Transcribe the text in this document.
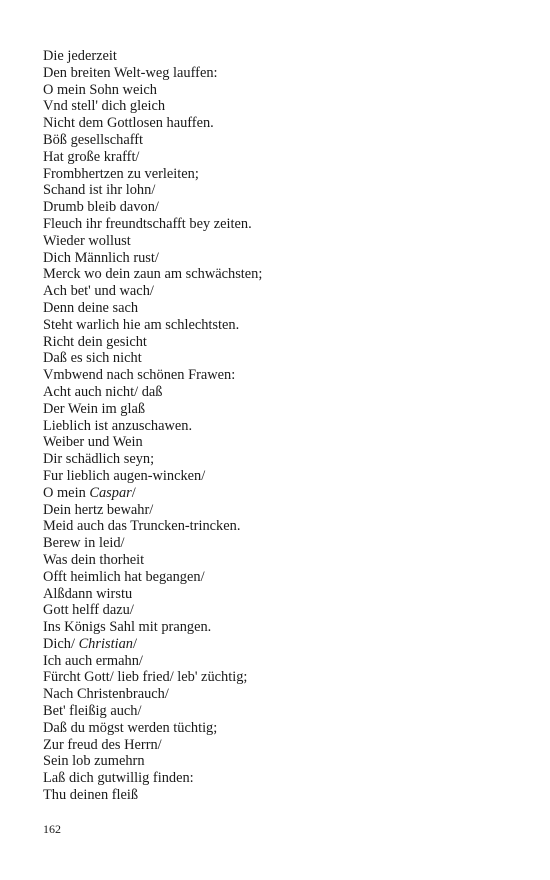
Die jederzeit
Den breiten Welt-weg lauffen:
O mein Sohn weich
Vnd stell' dich gleich
Nicht dem Gottlosen hauffen.
Böß gesellschafft
Hat große krafft/
Frombhertzen zu verleiten;
Schand ist ihr lohn/
Drumb bleib davon/
Fleuch ihr freundtschafft bey zeiten.
Wieder wollust
Dich Männlich rust/
Merck wo dein zaun am schwächsten;
Ach bet' und wach/
Denn deine sach
Steht warlich hie am schlechtsten.
Richt dein gesicht
Daß es sich nicht
Vmbwend nach schönen Frawen:
Acht auch nicht/ daß
Der Wein im glaß
Lieblich ist anzuschawen.
Weiber und Wein
Dir schädlich seyn;
Fur lieblich augen-wincken/
O mein Caspar/
Dein hertz bewahr/
Meid auch das Truncken-trincken.
Berew in leid/
Was dein thorheit
Offt heimlich hat begangen/
Alßdann wirstu
Gott helff dazu/
Ins Königs Sahl mit prangen.
Dich/ Christian/
Ich auch ermahn/
Fürcht Gott/ lieb fried/ leb' züchtig;
Nach Christenbrauch/
Bet' fleißig auch/
Daß du mögst werden tüchtig;
Zur freud des Herrn/
Sein lob zumehrn
Laß dich gutwillig finden:
Thu deinen fleiß
162
